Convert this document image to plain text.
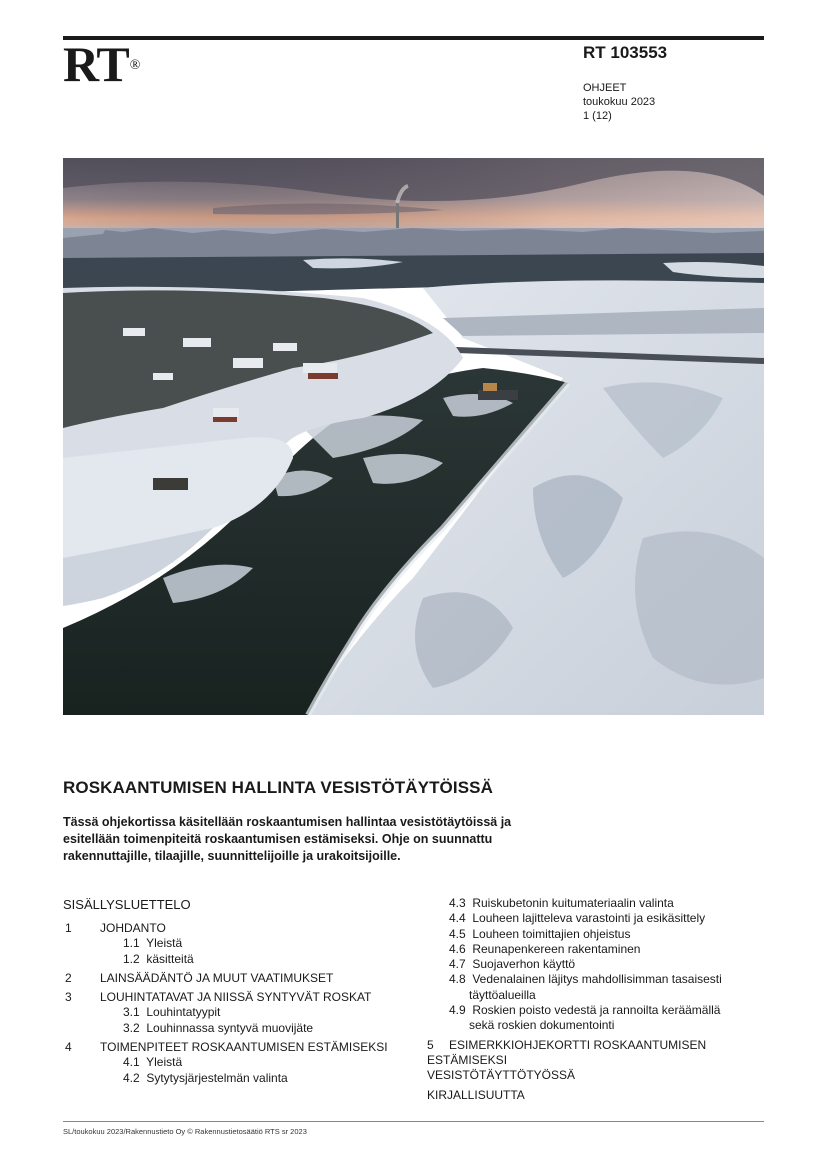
RT®
RT 103553
OHJEET
toukokuu 2023
1 (12)
ROSKAANTUMISEN HALLINTA VESISTÖTÄYTÖISSÄ

Tässä ohjekortissa käsitellään roskaantumisen hallintaa vesistötäytöissä ja esitellään toimenpiteitä roskaantumisen estämiseksi. Ohje on suunnattu rakennuttajille, tilaajille, suunnittelijoille ja urakoitsijoille.

SISÄLLYSLUETTELO
1 JOHDANTO
1.1 Yleistä
1.2 käsitteitä
2 LAINSÄÄDÄNTÖ JA MUUT VAATIMUKSET
3 LOUHINTATAVAT JA NIISSÄ SYNTYVÄT ROSKAT
3.1 Louhintatyypit
3.2 Louhinnassa syntyvä muovijäte
4 TOIMENPITEET ROSKAANTUMISEN ESTÄMISEKSI
4.1 Yleistä
4.2 Sytytysjärjestelmän valinta
4.3 Ruiskubetonin kuitumateriaalin valinta
4.4 Louheen lajitteleva varastointi ja esikäsittely
4.5 Louheen toimittajien ohjeistus
4.6 Reunapenkereen rakentaminen
4.7 Suojaverhon käyttö
4.8 Vedenalainen läjitys mahdollisimman tasaisesti täyttöalueilla
4.9 Roskien poisto vedestä ja rannoilta keräämällä sekä roskien dokumentointi
5 ESIMERKKIOHJEKORTTI ROSKAANTUMISEN ESTÄMISEKSI
VESISTÖTÄYTTÖTYÖSSÄ
KIRJALLISUUTTA
SL/toukokuu 2023/Rakennustieto Oy © Rakennustietosäätiö RTS sr 2023
